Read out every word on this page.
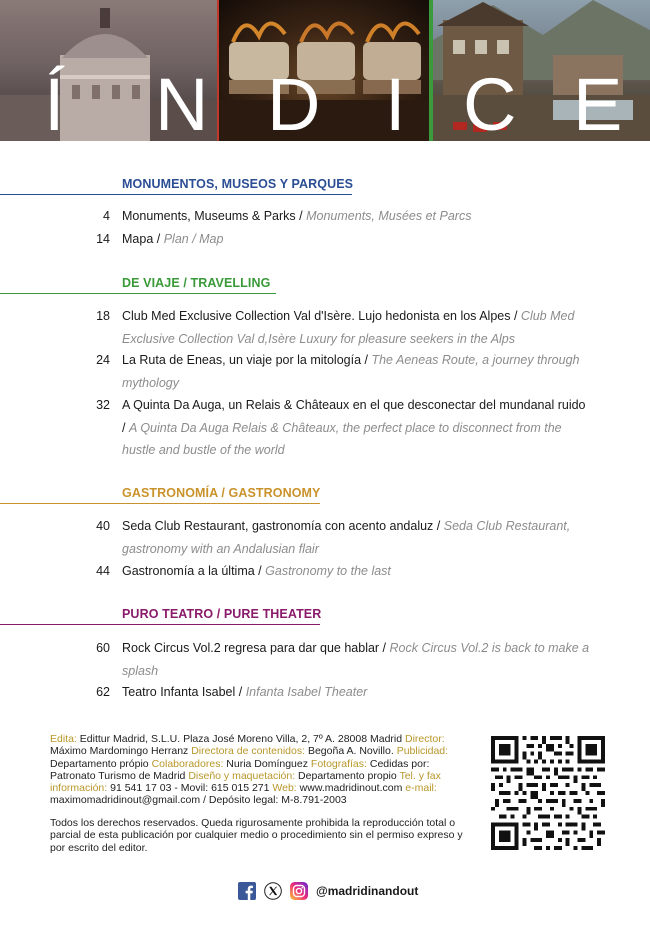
Í N D I C E
MONUMENTOS, MUSEOS Y PARQUES
4 Monuments, Museums & Parks / Monuments, Musées et Parcs
14 Mapa / Plan / Map
DE VIAJE / TRAVELLING
18 Club Med Exclusive Collection Val d'Isère. Lujo hedonista en los Alpes / Club Med Exclusive Collection Val d,Isère Luxury for pleasure seekers in the Alps
24 La Ruta de Eneas, un viaje por la mitología / The Aeneas Route, a journey through mythology
32 A Quinta Da Auga, un Relais & Châteaux en el que desconectar del mundanal ruido / A Quinta Da Auga Relais & Châteaux, the perfect place to disconnect from the hustle and bustle of the world
GASTRONOMÍA / GASTRONOMY
40 Seda Club Restaurant, gastronomía con acento andaluz / Seda Club Restaurant, gastronomy with an Andalusian flair
44 Gastronomía a la última / Gastronomy to the last
PURO TEATRO / PURE THEATER
60 Rock Circus Vol.2 regresa para dar que hablar / Rock Circus Vol.2 is back to make a splash
62 Teatro Infanta Isabel / Infanta Isabel Theater
Edita: Edittur Madrid, S.L.U. Plaza José Moreno Villa, 2, 7º A. 28008 Madrid Director: Máximo Mardomingo Herranz Directora de contenidos: Begoña A. Novillo. Publicidad: Departamento própio Colaboradores: Nuria Domínguez Fotografías: Cedidas por: Patronato Turismo de Madrid Diseño y maquetación: Departamento propio Tel. y fax información: 91 541 17 03 - Movil: 615 015 271 Web: www.madridinout.com e-mail: maximomadridinout@gmail.com / Depósito legal: M-8.791-2003
Todos los derechos reservados. Queda rigurosamente prohibida la reproducción total o parcial de esta publicación por cualquier medio o procedimiento sin el permiso expreso y por escrito del editor.
@madridinandout
